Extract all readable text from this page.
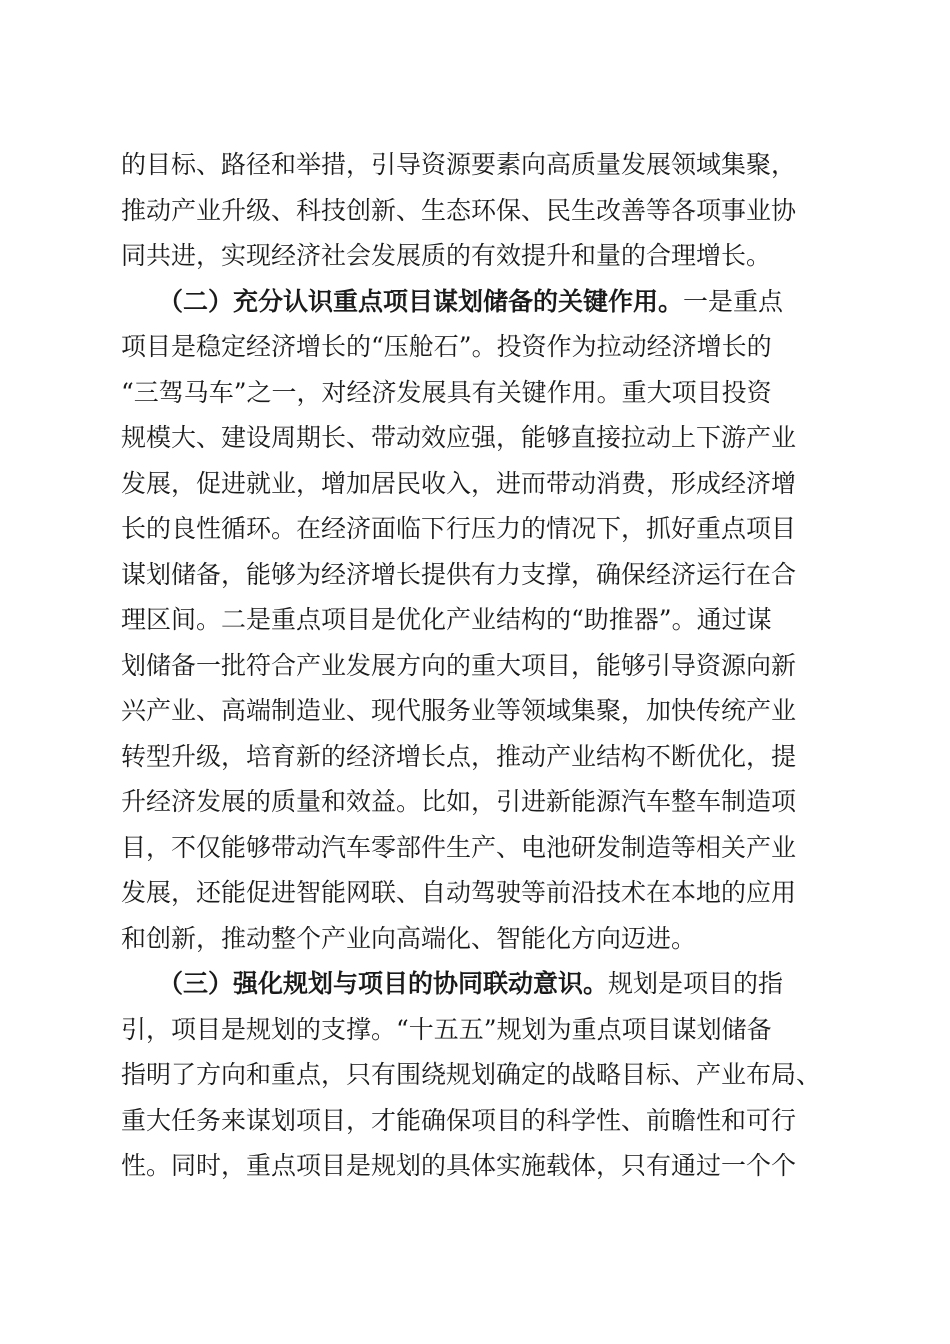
的目标、路径和举措，引导资源要素向高质量发展领域集聚，
推动产业升级、科技创新、生态环保、民生改善等各项事业协
同共进，实现经济社会发展质的有效提升和量的合理增长。
（二）充分认识重点项目谋划储备的关键作用。一是重点
项目是稳定经济增长的“压舱石”。投资作为拉动经济增长的
“三驾马车”之一，对经济发展具有关键作用。重大项目投资
规模大、建设周期长、带动效应强，能够直接拉动上下游产业
发展，促进就业，增加居民收入，进而带动消费，形成经济增
长的良性循环。在经济面临下行压力的情况下，抓好重点项目
谋划储备，能够为经济增长提供有力支撑，确保经济运行在合
理区间。二是重点项目是优化产业结构的“助推器”。通过谋
划储备一批符合产业发展方向的重大项目，能够引导资源向新
兴产业、高端制造业、现代服务业等领域集聚，加快传统产业
转型升级，培育新的经济增长点，推动产业结构不断优化，提
升经济发展的质量和效益。比如，引进新能源汽车整车制造项
目，不仅能够带动汽车零部件生产、电池研发制造等相关产业
发展，还能促进智能网联、自动驾驶等前沿技术在本地的应用
和创新，推动整个产业向高端化、智能化方向迈进。
（三）强化规划与项目的协同联动意识。规划是项目的指
引，项目是规划的支撑。“十五五”规划为重点项目谋划储备
指明了方向和重点，只有围绕规划确定的战略目标、产业布局、
重大任务来谋划项目，才能确保项目的科学性、前瞻性和可行
性。同时，重点项目是规划的具体实施载体，只有通过一个个
